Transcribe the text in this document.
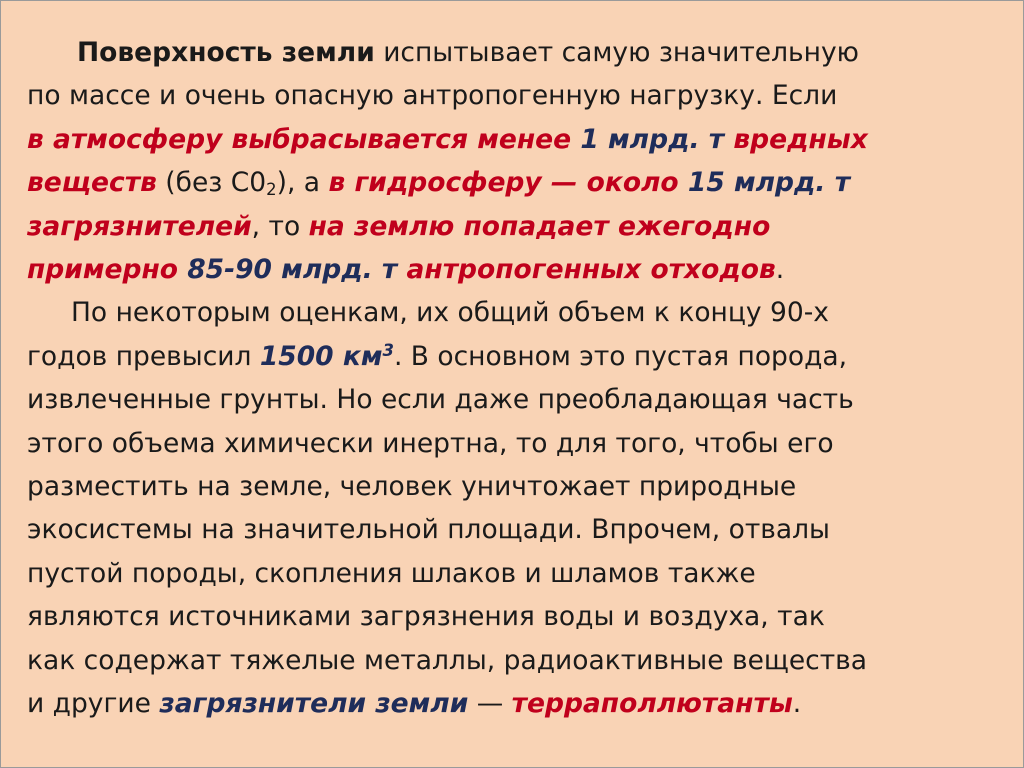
Поверхность земли испытывает самую значительную

по массе и очень опасную антропогенную нагрузку. Если

в атмосферу выбрасывается менее 1 млрд. т вредных

веществ (без $С0_2$), а в гидросферу — около 15 млрд. т

загрязнителей, то на землю попадает ежегодно

примерно 85-90 млрд. т антропогенных отходов.

По некоторым оценкам, их общий объем к концу 90-х

годов превысил 1500 $км^3$. В основном это пустая порода,

извлеченные грунты. Но если даже преобладающая часть

этого объема химически инертна, то для того, чтобы его

разместить на земле, человек уничтожает природные

экосистемы на значительной площади. Впрочем, отвалы

пустой породы, скопления шлаков и шламов также

являются источниками загрязнения воды и воздуха, так

как содержат тяжелые металлы, радиоактивные вещества

и другие загрязнители земли — терраполлютанты.
